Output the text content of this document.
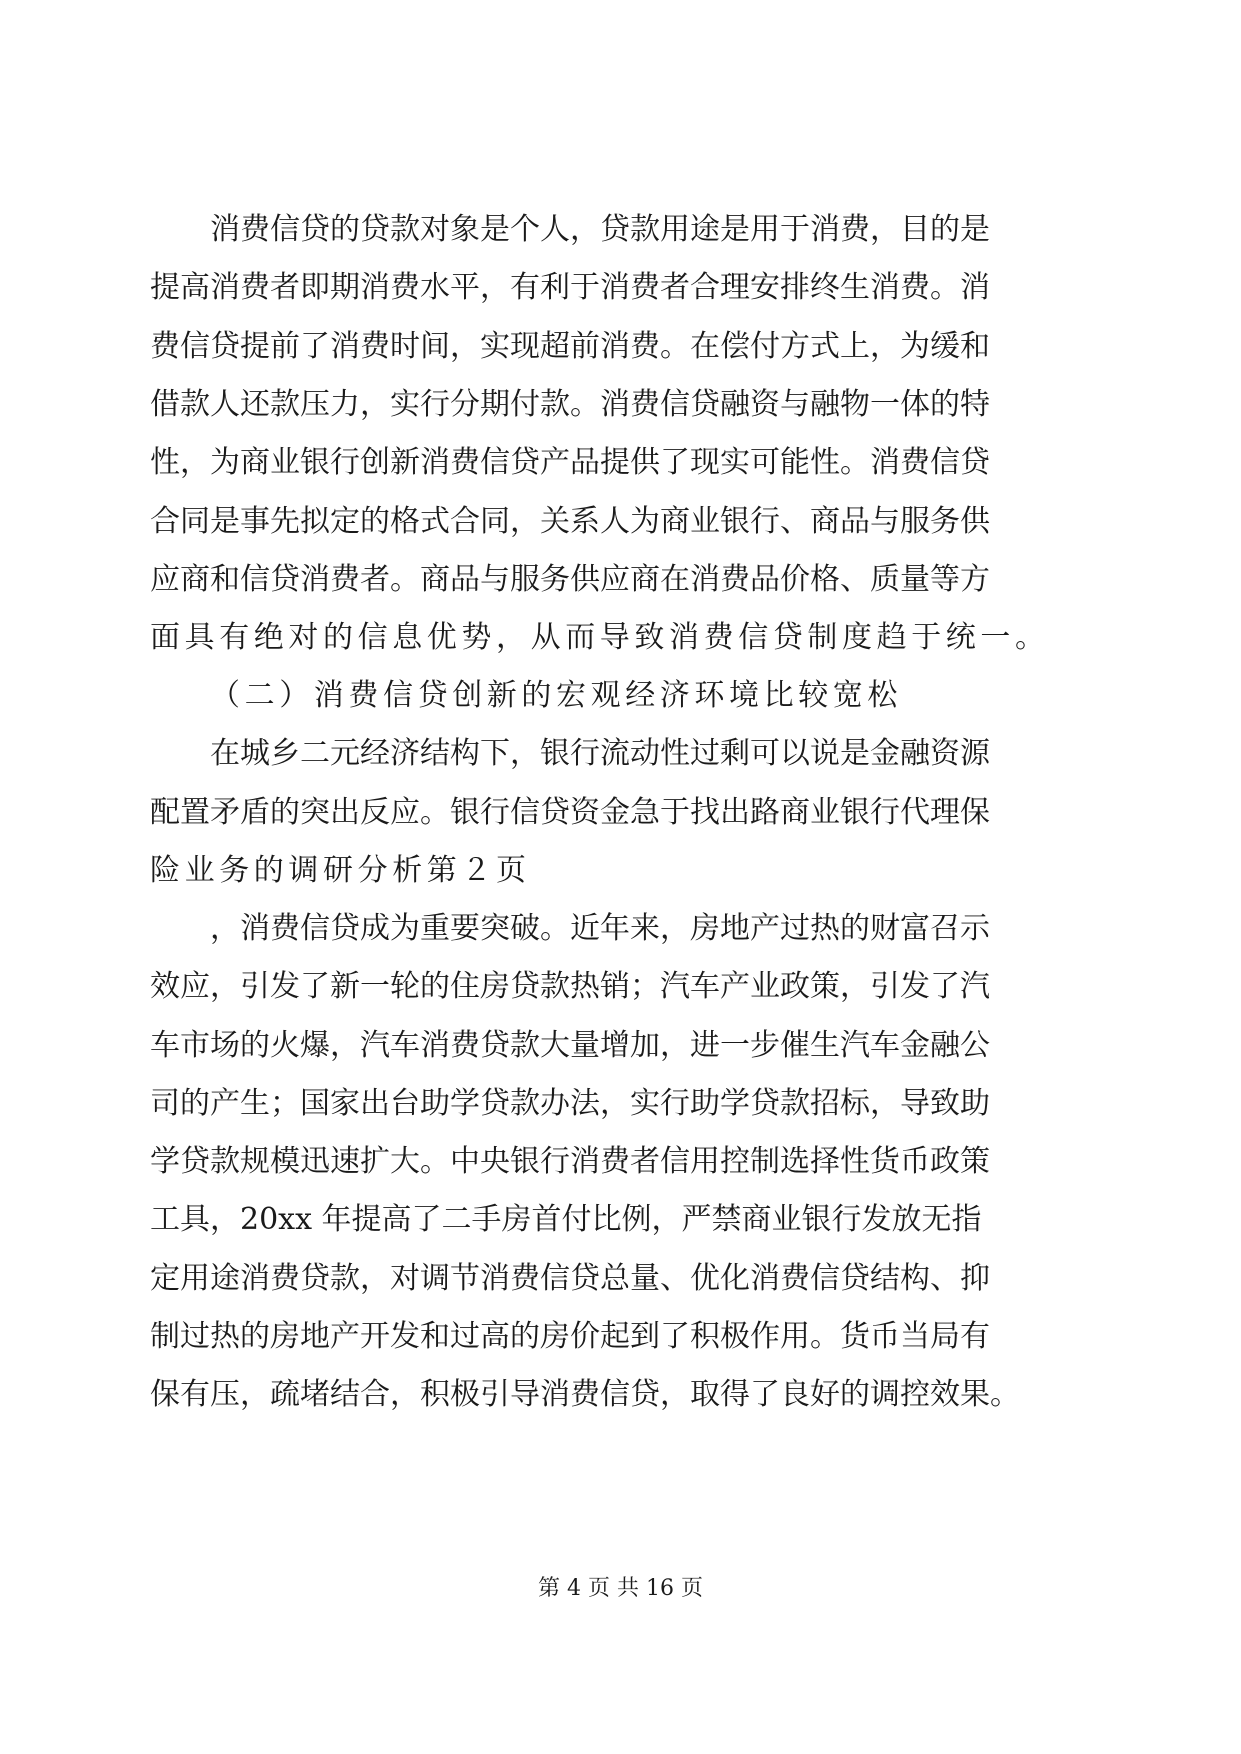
消费信贷的贷款对象是个人，贷款用途是用于消费，目的是
提高消费者即期消费水平，有利于消费者合理安排终生消费。消
费信贷提前了消费时间，实现超前消费。在偿付方式上，为缓和
借款人还款压力，实行分期付款。消费信贷融资与融物一体的特
性，为商业银行创新消费信贷产品提供了现实可能性。消费信贷
合同是事先拟定的格式合同，关系人为商业银行、商品与服务供
应商和信贷消费者。商品与服务供应商在消费品价格、质量等方
面具有绝对的信息优势，从而导致消费信贷制度趋于统一。
（二）消费信贷创新的宏观经济环境比较宽松
在城乡二元经济结构下，银行流动性过剩可以说是金融资源
配置矛盾的突出反应。银行信贷资金急于找出路商业银行代理保
险业务的调研分析第２页
，消费信贷成为重要突破。近年来，房地产过热的财富召示
效应，引发了新一轮的住房贷款热销；汽车产业政策，引发了汽
车市场的火爆，汽车消费贷款大量增加，进一步催生汽车金融公
司的产生；国家出台助学贷款办法，实行助学贷款招标，导致助
学贷款规模迅速扩大。中央银行消费者信用控制选择性货币政策
工具，20xx 年提高了二手房首付比例，严禁商业银行发放无指
定用途消费贷款，对调节消费信贷总量、优化消费信贷结构、抑
制过热的房地产开发和过高的房价起到了积极作用。货币当局有
保有压，疏堵结合，积极引导消费信贷，取得了良好的调控效果。
第 4 页 共 16 页
